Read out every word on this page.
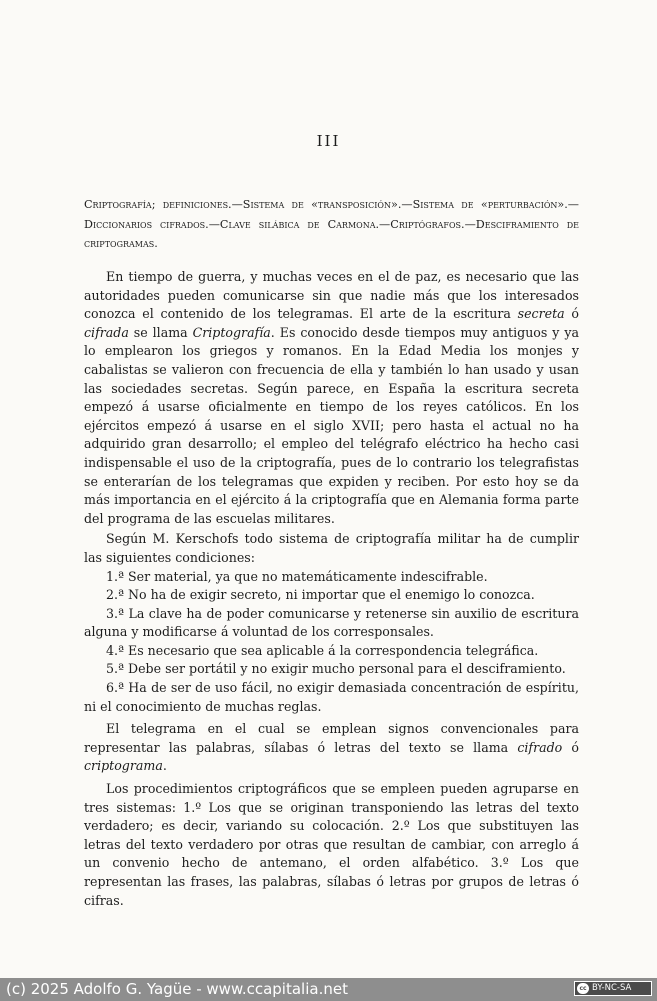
III
Criptografía; definiciones.—Sistema de «transposición».—Sistema de «perturbación».—Diccionarios cifrados.—Clave silábica de Carmona.—Criptógrafos.—Desciframiento de criptogramas.

En tiempo de guerra, y muchas veces en el de paz, es necesario que las autoridades pueden comunicarse sin que nadie más que los interesados conozca el contenido de los telegramas. El arte de la escritura secreta ó cifrada se llama Criptografía. Es conocido desde tiempos muy antiguos y ya lo emplearon los griegos y romanos. En la Edad Media los monjes y cabalistas se valieron con frecuencia de ella y también lo han usado y usan las sociedades secretas. Según parece, en España la escritura secreta empezó á usarse oficialmente en tiempo de los reyes católicos. En los ejércitos empezó á usarse en el siglo XVII; pero hasta el actual no ha adquirido gran desarrollo; el empleo del telégrafo eléctrico ha hecho casi indispensable el uso de la criptografía, pues de lo contrario los telegrafistas se enterarían de los telegramas que expiden y reciben. Por esto hoy se da más importancia en el ejército á la criptografía que en Alemania forma parte del programa de las escuelas militares.

Según M. Kerschofs todo sistema de criptografía militar ha de cumplir las siguientes condiciones:

1.ª Ser material, ya que no matemáticamente indescifrable.

2.ª No ha de exigir secreto, ni importar que el enemigo lo conozca.

3.ª La clave ha de poder comunicarse y retenerse sin auxilio de escritura alguna y modificarse á voluntad de los corresponsales.

4.ª Es necesario que sea aplicable á la correspondencia telegráfica.

5.ª Debe ser portátil y no exigir mucho personal para el desciframiento.

6.ª Ha de ser de uso fácil, no exigir demasiada concentración de espíritu, ni el conocimiento de muchas reglas.

El telegrama en el cual se emplean signos convencionales para representar las palabras, sílabas ó letras del texto se llama cifrado ó criptograma.

Los procedimientos criptográficos que se empleen pueden agruparse en tres sistemas: 1.º Los que se originan transponiendo las letras del texto verdadero; es decir, variando su colocación. 2.º Los que substituyen las letras del texto verdadero por otras que resultan de cambiar, con arreglo á un convenio hecho de antemano, el orden alfabético. 3.º Los que representan las frases, las palabras, sílabas ó letras por grupos de letras ó cifras.

(c) 2025 Adolfo G. Yagüe - www.ccapitalia.net	cc BY-NC-SA
